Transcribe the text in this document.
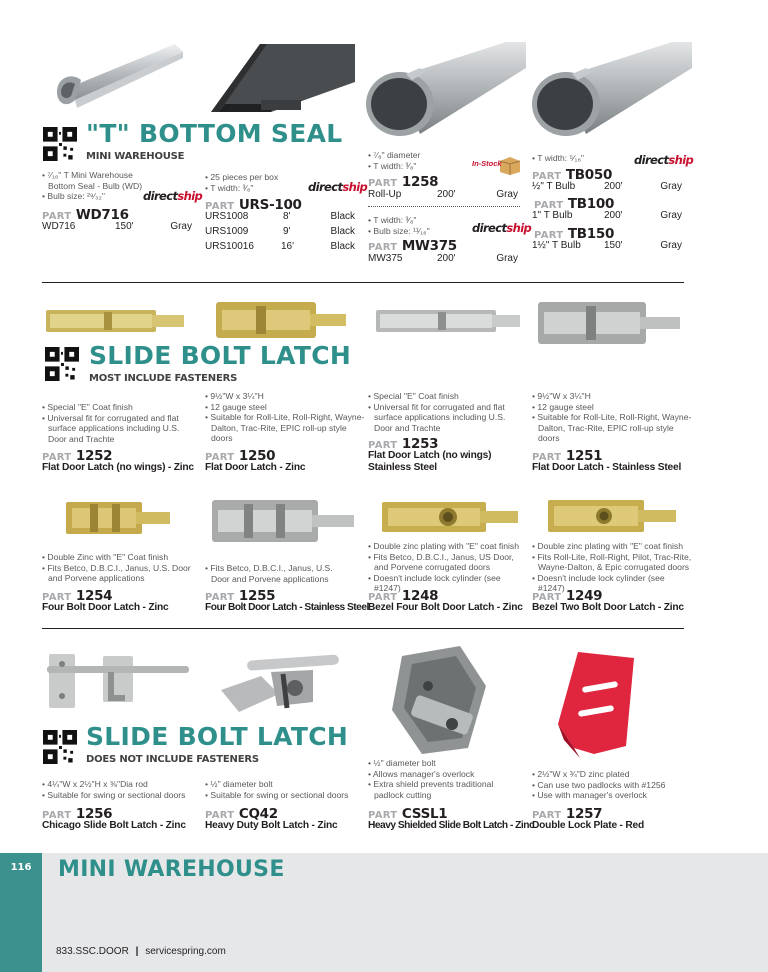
"T" BOTTOM SEAL
MINI WAREHOUSE
• ⁷⁄₁₆" T Mini Warehouse Bottom Seal - Bulb (WD)
• Bulb size: ²⁹⁄₃₂"	directship
PART WD716
WD716	150'	Gray
• 25 pieces per box
• T width: ³⁄₈"	directship
PART URS-100
URS1008	8'	Black
URS1009	9'	Black
URS10016	16'	Black
• ⁷⁄₈" diameter
• T width: ³⁄₈"	In-Stock
PART 1258
Roll-Up	200'	Gray
• T width: ³⁄₈"
• Bulb size: ¹¹⁄₁₆"	directship
PART MW375
MW375	200'	Gray
• T width: ⁵⁄₁₆"	directship
PART TB050
½" T Bulb	200'	Gray
PART TB100
1" T Bulb	200'	Gray
PART TB150
1½" T Bulb 150'	Gray
SLIDE BOLT LATCH
MOST INCLUDE FASTENERS
• Special "E" Coat finish
• Universal fit for corrugated and flat surface applications including U.S. Door and Trachte
PART 1252
Flat Door Latch (no wings) - Zinc
• 9½"W x 3¼"H
• 12 gauge steel
• Suitable for Roll-Lite, Roll-Right, Wayne-Dalton, Trac-Rite, EPIC roll-up style doors
PART 1250
Flat Door Latch - Zinc
• Special "E" Coat finish
• Universal fit for corrugated and flat surface applications including U.S. Door and Trachte
PART 1253
Flat Door Latch (no wings)
Stainless Steel
• 9½"W x 3¼"H
• 12 gauge steel
• Suitable for Roll-Lite, Roll-Right, Wayne-Dalton, Trac-Rite, EPIC roll-up style doors
PART 1251
Flat Door Latch - Stainless Steel
• Double Zinc with "E" Coat finish
• Fits Betco, D.B.C.I., Janus, U.S. Door and Porvene applications
PART 1254
Four Bolt Door Latch - Zinc
• Fits Betco, D.B.C.I., Janus, U.S. Door and Porvene applications
PART 1255
Four Bolt Door Latch - Stainless Steel
• Double zinc plating with "E" coat finish
• Fits Betco, D.B.C.I., Janus, US Door, and Porvene corrugated doors
• Doesn't include lock cylinder (see #1247)
PART 1248
Bezel Four Bolt Door Latch - Zinc
• Double zinc plating with "E" coat finish
• Fits Roll-Lite, Roll-Right, Pilot, Trac-Rite, Wayne-Dalton, & Epic corrugated doors
• Doesn't include lock cylinder (see #1247)
PART 1249
Bezel Two Bolt Door Latch - Zinc
SLIDE BOLT LATCH
DOES NOT INCLUDE FASTENERS
• 4¼"W x 2½"H x ⅜"Dia rod
• Suitable for swing or sectional doors
PART 1256
Chicago Slide Bolt Latch - Zinc
• ½" diameter bolt
• Suitable for swing or sectional doors
PART CQ42
Heavy Duty Bolt Latch - Zinc
• ½" diameter bolt
• Allows manager's overlock
• Extra shield prevents traditional padlock cutting
PART CSSL1
Heavy Shielded Slide Bolt Latch - Zinc
• 2½"W x ¾"D zinc plated
• Can use two padlocks with #1256
• Use with manager's overlock
PART 1257
Double Lock Plate - Red
116	MINI WAREHOUSE
833.SSC.DOOR | servicespring.com
